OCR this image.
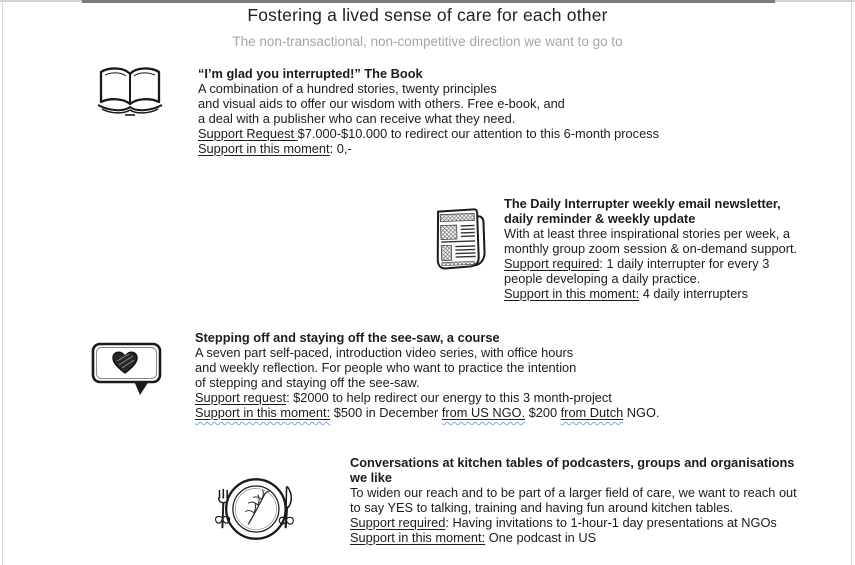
Fostering a lived sense of care for each other
The non-transactional, non-competitive direction we want to go to
“I’m glad you interrupted!” The Book
A combination of a hundred stories, twenty principles
and visual aids to offer our wisdom with others. Free e-book, and
a deal with a publisher who can receive what they need.
Support Request $7.000-$10.000 to redirect our attention to this 6-month process
Support in this moment: 0,-
The Daily Interrupter weekly email newsletter,
daily reminder & weekly update
With at least three inspirational stories per week, a
monthly group zoom session & on-demand support.
Support required: 1 daily interrupter for every 3
people developing a daily practice.
Support in this moment: 4 daily interrupters
Stepping off and staying off the see-saw, a course
A seven part self-paced, introduction video series, with office hours
and weekly reflection. For people who want to practice the intention
of stepping and staying off the see-saw.
Support request: $2000 to help redirect our energy to this 3 month-project
Support in this moment: $500 in December from US NGO. $200 from Dutch NGO.
Conversations at kitchen tables of podcasters, groups and organisations
we like
To widen our reach and to be part of a larger field of care, we want to reach out
to say YES to talking, training and having fun around kitchen tables.
Support required: Having invitations to 1-hour-1 day presentations at NGOs
Support in this moment: One podcast in US
